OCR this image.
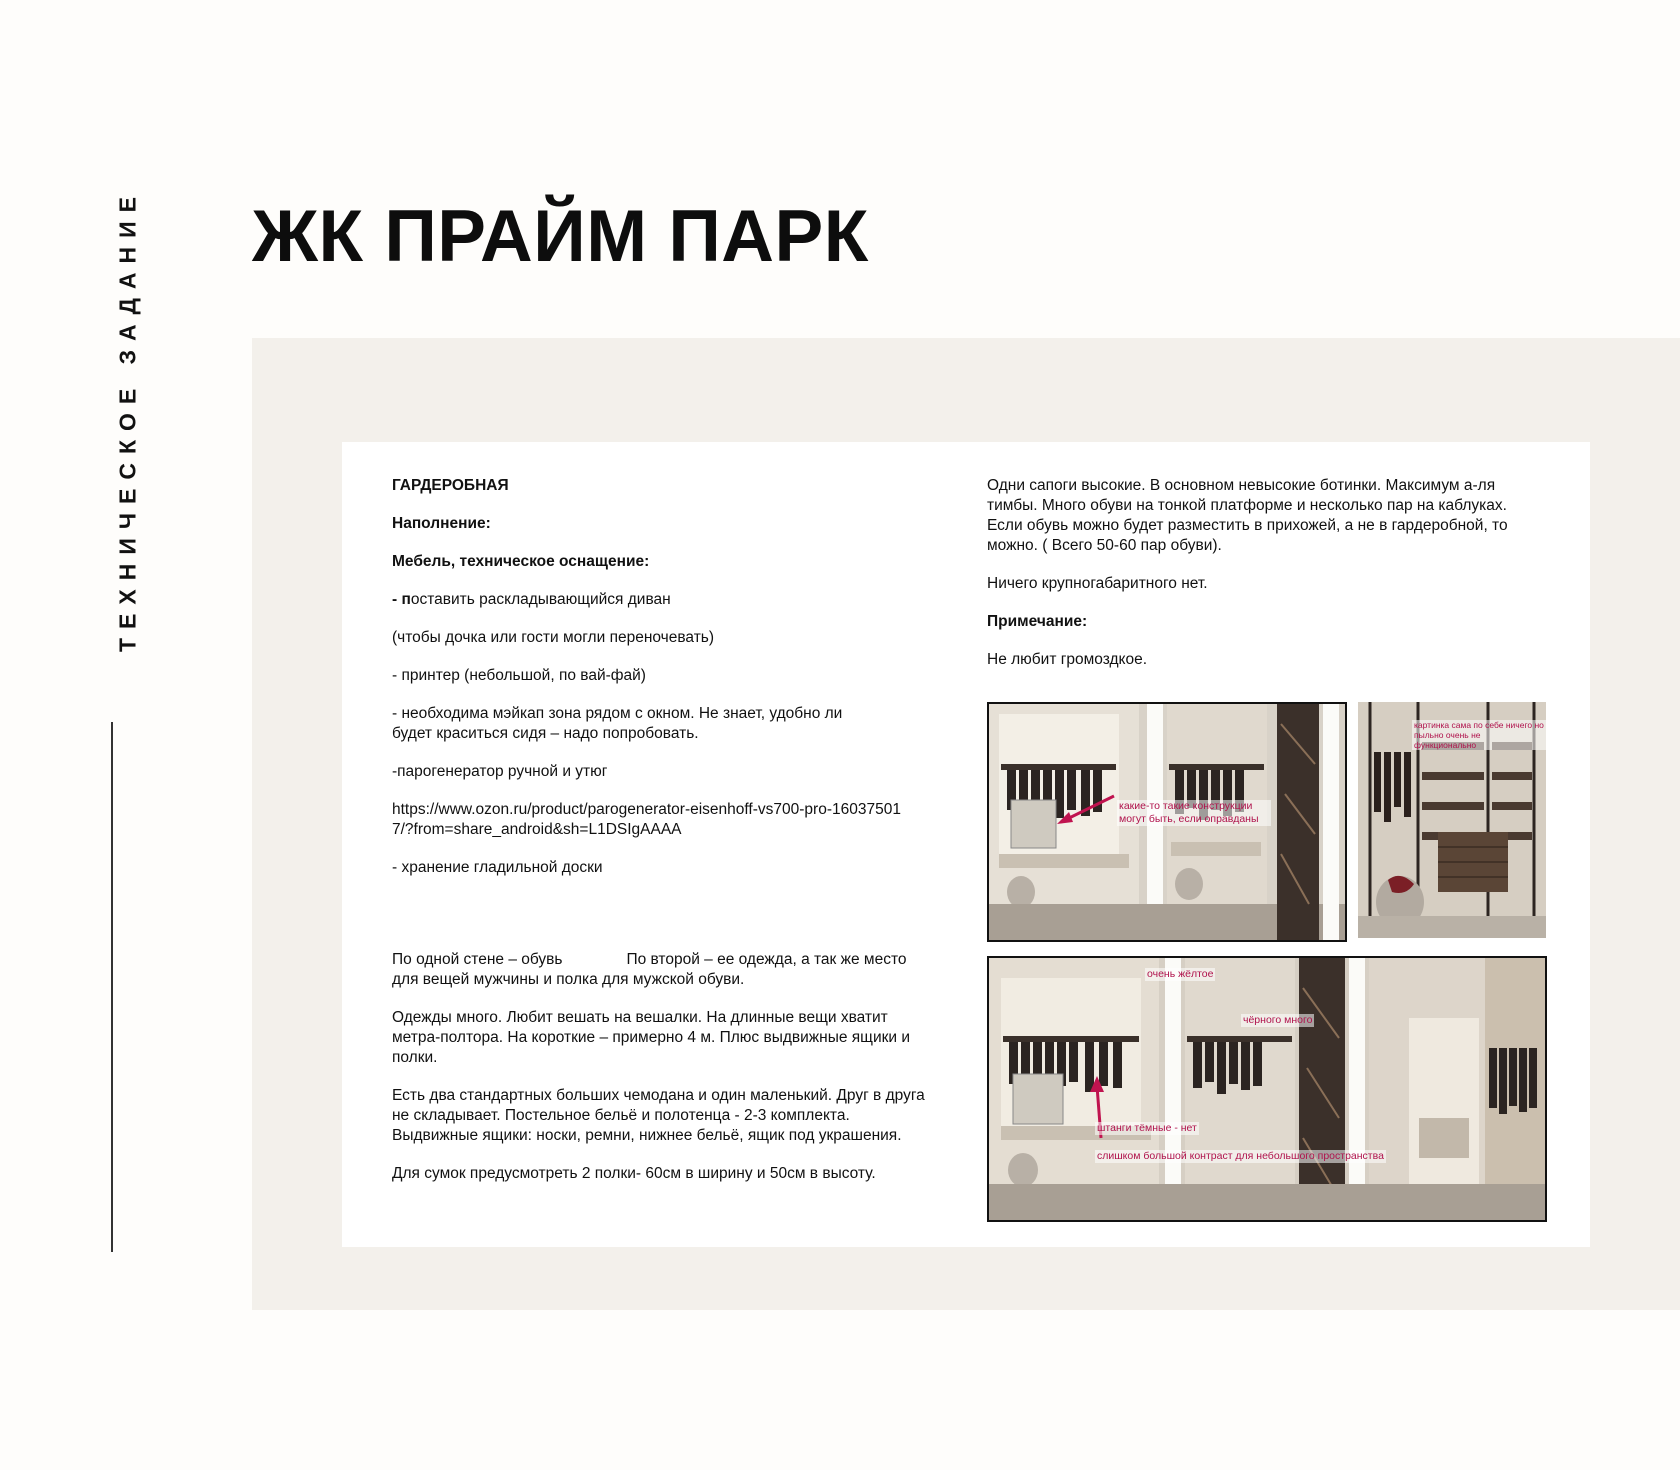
ТЕХНИЧЕСКОЕ ЗАДАНИЕ ЖК ПРАЙМ ПАРК

ГАРДЕРОБНАЯ

Наполнение:

Мебель, техническое оснащение:

- поставить раскладывающийся диван

(чтобы дочка или гости могли переночевать)

- принтер (небольшой, по вай-фай)

- необходима мэйкап зона рядом с окном. Не знает, удобно ли будет краситься сидя – надо попробовать.

-парогенератор ручной и утюг

https://www.ozon.ru/product/parogenerator-eisenhoff-vs700-pro-160375017/?from=share_android&sh=L1DSIgAAAA

- хранение гладильной доски

По одной стене – обувь	По второй – ее одежда, а так же место для вещей мужчины и полка для мужской обуви.

Одежды много. Любит вешать на вешалки. На длинные вещи хватит метра-полтора. На короткие – примерно 4 м. Плюс выдвижные ящики и полки.

Есть два стандартных больших чемодана и один маленький. Друг в друга не складывает. Постельное бельё и полотенца - 2-3 комплекта. Выдвижные ящики: носки, ремни, нижнее бельё, ящик под украшения.

Для сумок предусмотреть 2 полки- 60см в ширину и 50см в высоту.

Одни сапоги высокие. В основном невысокие ботинки. Максимум а-ля тимбы. Много обуви на тонкой платформе и несколько пар на каблуках. Если обувь можно будет разместить в прихожей, а не в гардеробной, то можно. ( Всего 50-60 пар обуви).

Ничего крупногабаритного нет.

Примечание:

Не любит громоздкое.

какие-то такие конструкции могут быть, если оправданы
картинка сама по себе ничего но пыльно очень не функционально
очень жёлтое
чёрного много
штанги тёмные - нет
слишком большой контраст для небольшого пространства
